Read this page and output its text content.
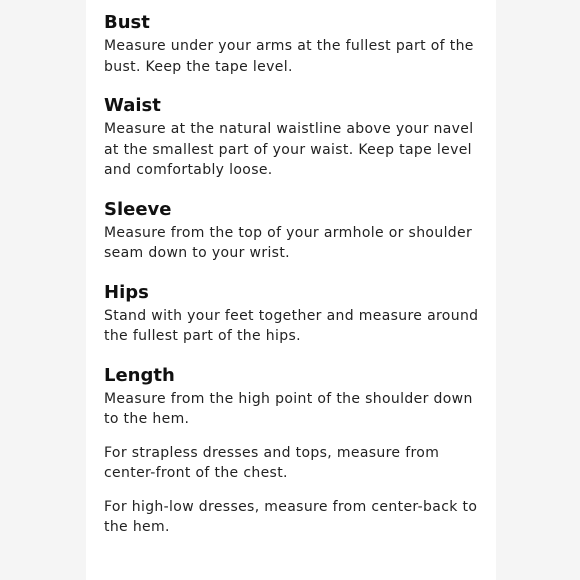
Bust

Measure under your arms at the fullest part of the bust. Keep the tape level.

Waist

Measure at the natural waistline above your navel at the smallest part of your waist. Keep tape level and comfortably loose.

Sleeve

Measure from the top of your armhole or shoulder seam down to your wrist.

Hips

Stand with your feet together and measure around the fullest part of the hips.

Length

Measure from the high point of the shoulder down to the hem.

For strapless dresses and tops, measure from center-front of the chest.

For high-low dresses, measure from center-back to the hem.
